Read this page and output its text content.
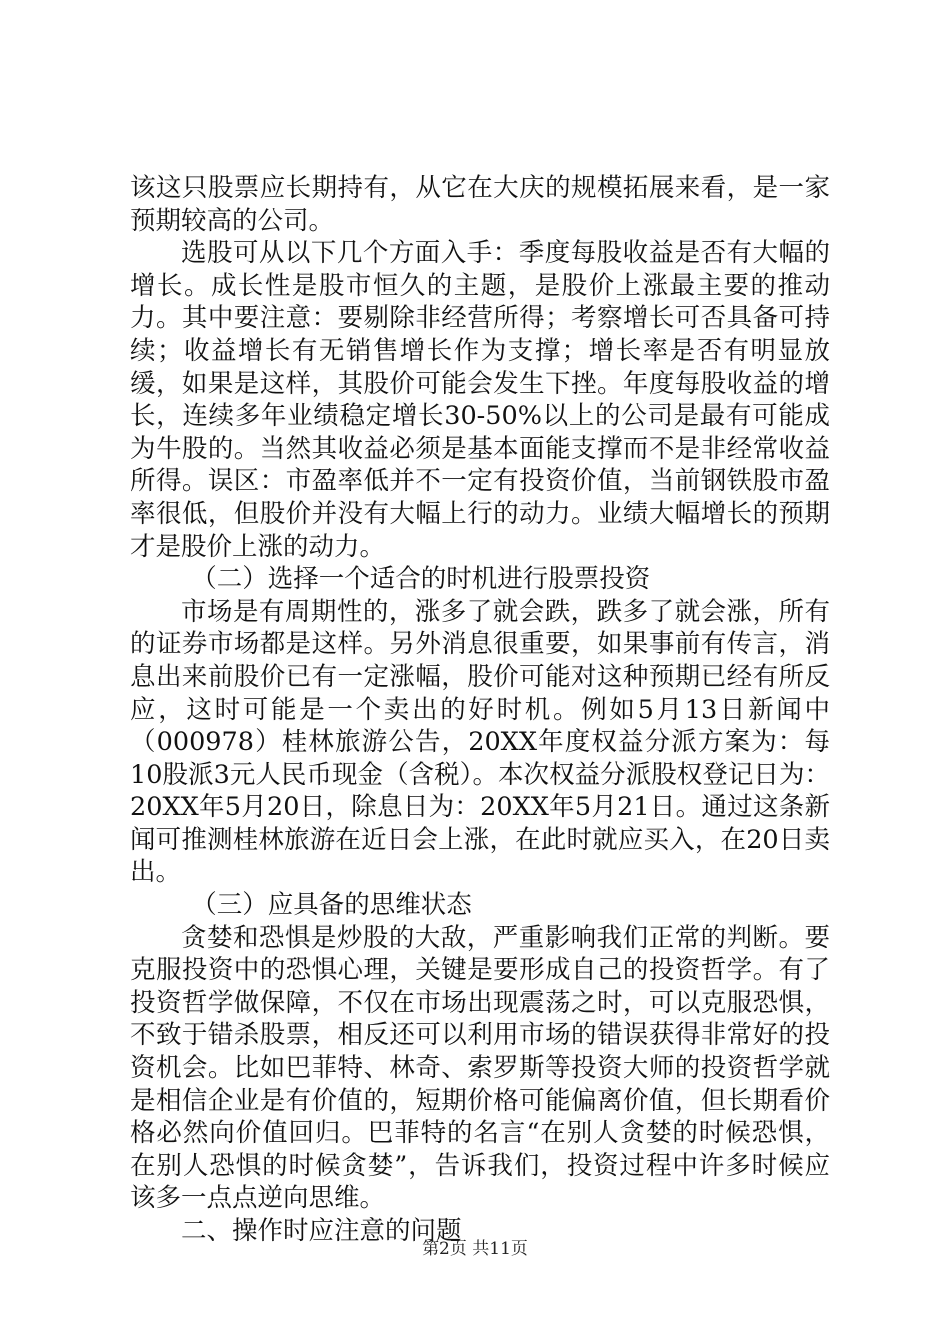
该这只股票应长期持有，从它在大庆的规模拓展来看，是一家预期较高的公司。

选股可从以下几个方面入手：季度每股收益是否有大幅的增长。成长性是股市恒久的主题，是股价上涨最主要的推动力。其中要注意：要剔除非经营所得；考察增长可否具备可持续；收益增长有无销售增长作为支撑；增长率是否有明显放缓，如果是这样，其股价可能会发生下挫。年度每股收益的增长，连续多年业绩稳定增长30-50%以上的公司是最有可能成为牛股的。当然其收益必须是基本面能支撑而不是非经常收益所得。误区：市盈率低并不一定有投资价值，当前钢铁股市盈率很低，但股价并没有大幅上行的动力。业绩大幅增长的预期才是股价上涨的动力。

（二）选择一个适合的时机进行股票投资

市场是有周期性的，涨多了就会跌，跌多了就会涨，所有的证券市场都是这样。另外消息很重要，如果事前有传言，消息出来前股价已有一定涨幅，股价可能对这种预期已经有所反应，这时可能是一个卖出的好时机。例如5月13日新闻中（000978）桂林旅游公告，20XX年度权益分派方案为：每10股派3元人民币现金（含税）。本次权益分派股权登记日为：20XX年5月20日，除息日为：20XX年5月21日。通过这条新闻可推测桂林旅游在近日会上涨，在此时就应买入，在20日卖出。

（三）应具备的思维状态

贪婪和恐惧是炒股的大敌，严重影响我们正常的判断。要克服投资中的恐惧心理，关键是要形成自己的投资哲学。有了投资哲学做保障，不仅在市场出现震荡之时，可以克服恐惧，不致于错杀股票，相反还可以利用市场的错误获得非常好的投资机会。比如巴菲特、林奇、索罗斯等投资大师的投资哲学就是相信企业是有价值的，短期价格可能偏离价值，但长期看价格必然向价值回归。巴菲特的名言“在别人贪婪的时候恐惧，在别人恐惧的时候贪婪”，告诉我们，投资过程中许多时候应该多一点点逆向思维。

二、操作时应注意的问题

第2页 共11页
